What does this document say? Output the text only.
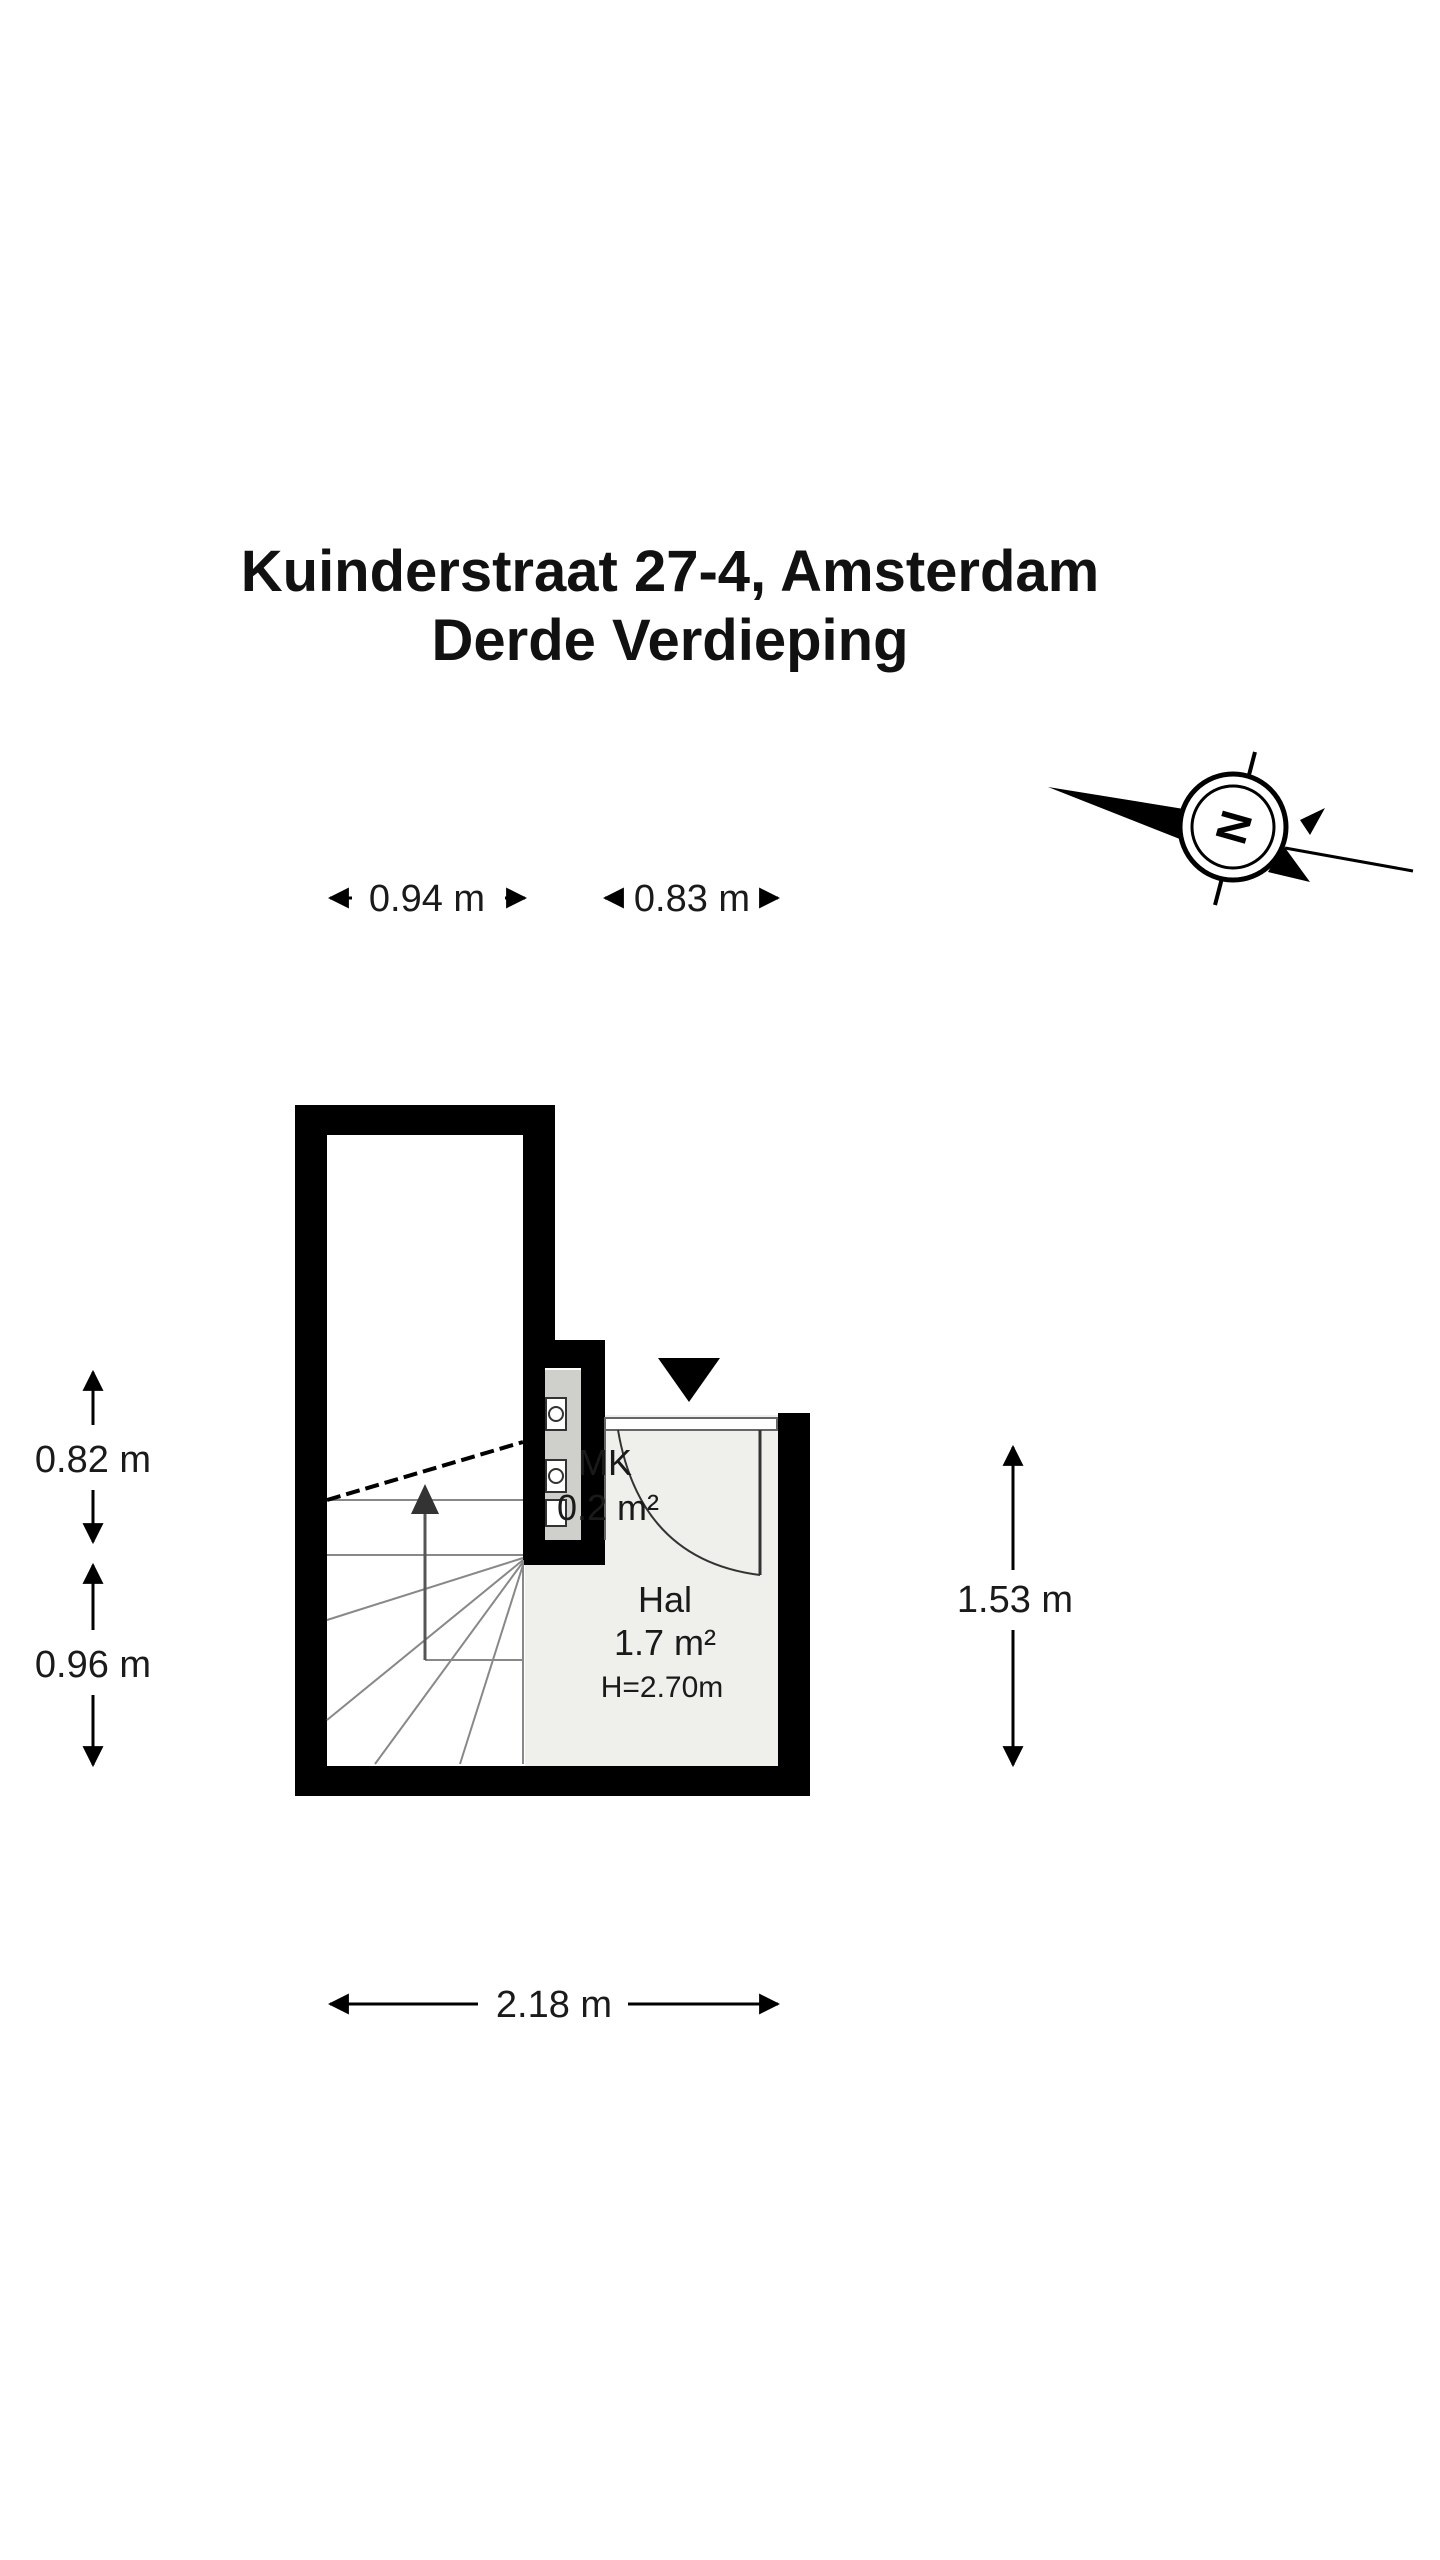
Kuinderstraat 27-4, Amsterdam
Derde Verdieping
N
MK
0.2 m²
Hal
1.7 m²
H=2.70m
0.94 m	0.83 m
0.82 m
0.96 m
1.53 m
2.18 m
